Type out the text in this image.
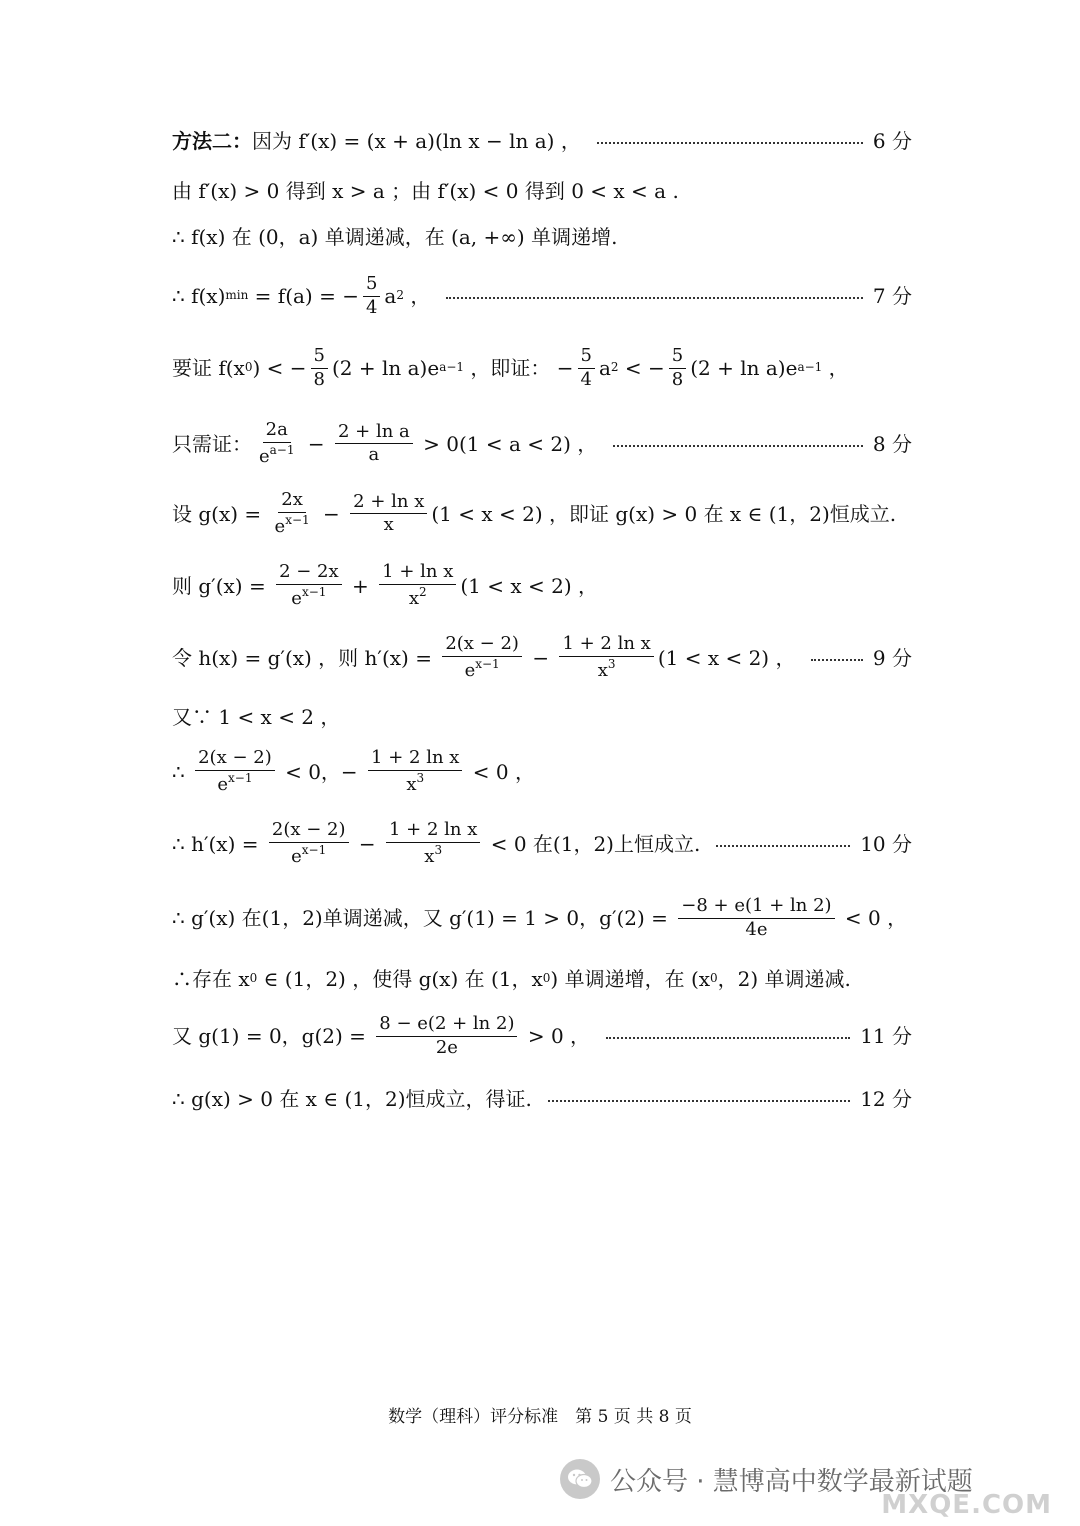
方法二： 因为 f′(x) = (x + a)(ln x − ln a) ，	6 分
由 f′(x) > 0 得到 x > a ；由 f′(x) < 0 得到 0 < x < a .
∴ f(x) 在 (0，a) 单调递减，在 (a, +∞) 单调递增.
∴ f(x) min = f(a) = − $\frac{5}{4}$ a 2 ，	7 分
要证 f(x 0 ) < − $\frac{5}{8} (2 + \ln a)e$ a−1 ，即证： − $\frac{5}{4}$ a 2 < − $\frac{5}{8} (2 + \ln a)e$ a−1 ，
只需证： $\frac{2a}{e^{a-1}} - \frac{\text{2 + ln a}}{a} > 0(1 < a < 2)$ ，	8 分
设 $g(x) = \frac{2x}{e^{x-1}} - \frac{\text{2 + ln x}}{x} (1 < x < 2)$ ，即证 g(x) > 0 在 x ∈ (1，2)恒成立.
则 $g'(x) = \frac{2 - 2x}{e^{x-1}} + \frac{\text{1 + ln x}}{x^2} (1 < x < 2)$ ，
令 h(x) = g′(x) ，则 $h'(x) = \frac{2(x - 2)}{e^{x-1}} - \frac{\text{1 + 2 ln x}}{x^3} (1 < x < 2)$ ，	9 分
又∵ 1 < x < 2 ，
∴ $\frac{2(x - 2)}{e^{x-1}} < 0$，− $\frac{\text{1 + 2 ln x}}{x^3} < 0$ ，
∴ $h'(x) = \frac{2(x - 2)}{e^{x-1}} - \frac{\text{1 + 2 ln x}}{x^3} < 0$ 在(1，2)上恒成立.	10 分
∴ g′(x) 在(1，2)单调递减，又 g′(1) = 1 > 0，$g'(2) = \frac{-8 + e(1 + \ln 2)}{4e} < 0$ ，
∴存在 x 0 ∈ (1，2) ，使得 g(x) 在 (1，x 0 ) 单调递增，在 (x 0 ，2) 单调递减.
又 g(1) = 0，$g(2) = \frac{8 - e(2 + \ln 2)}{2e} > 0$ ，	11 分
∴ g(x) > 0 在 x ∈ (1，2)恒成立，得证.	12 分
数学（理科）评分标准　第 5 页 共 8 页
公众号 · 慧博高中数学最新试题
MXQE.COM
